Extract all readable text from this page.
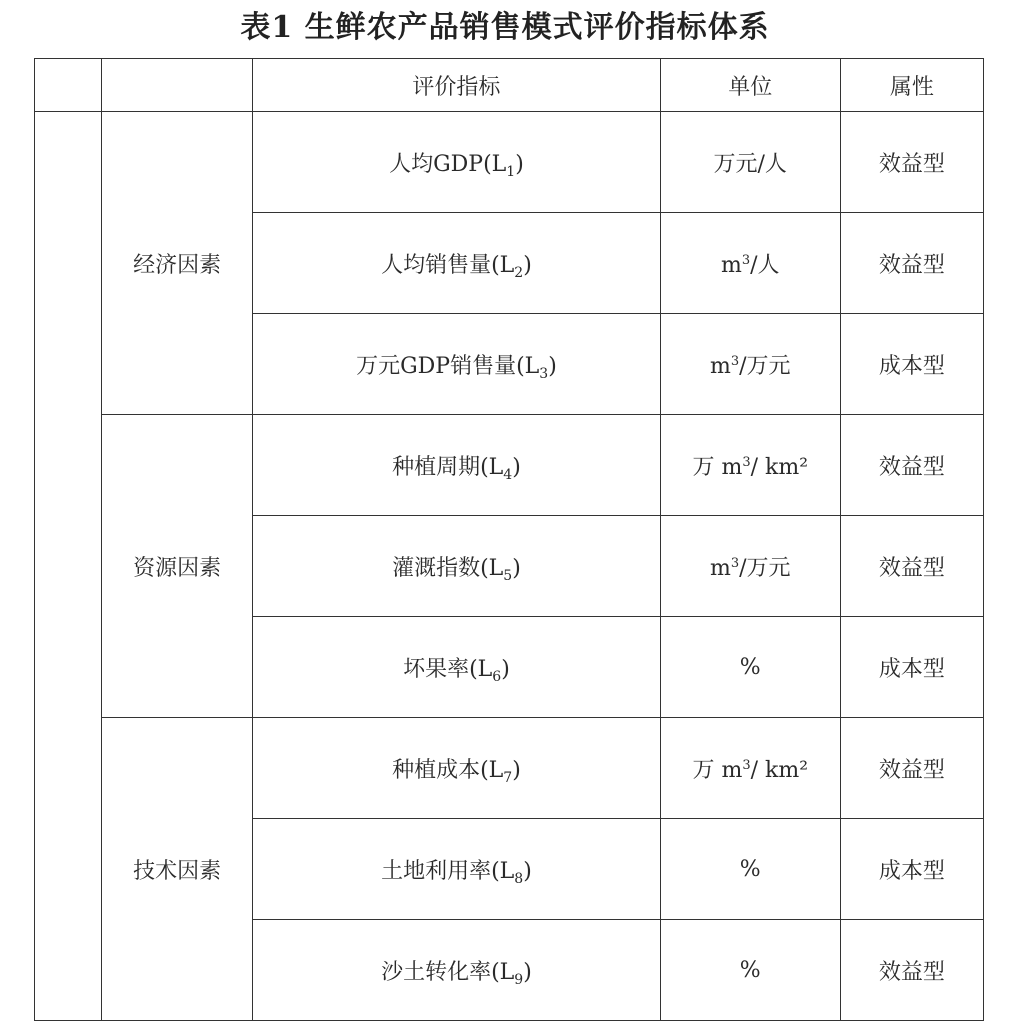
表1 生鲜农产品销售模式评价指标体系
		评价指标	单位	属性
	经济因素	人均$GDP(L_1)$	万元/人	效益型
		人均销售量$(L_2)$	$m^3/$人	效益型
		万元GDP销售量$(L_3)$	$m^3/$万元	成本型
	资源因素	种植周期$(L_4)$	万 $m^3/$ km²	效益型
		灌溉指数$(L_5)$	$m^3/$万元	效益型
		坏果率$(L_6)$	%	成本型
	技术因素	种植成本$(L_7)$	万 $m^3/$ km²	效益型
		土地利用率$(L_8)$	%	成本型
		沙土转化率$(L_9)$	%	效益型
